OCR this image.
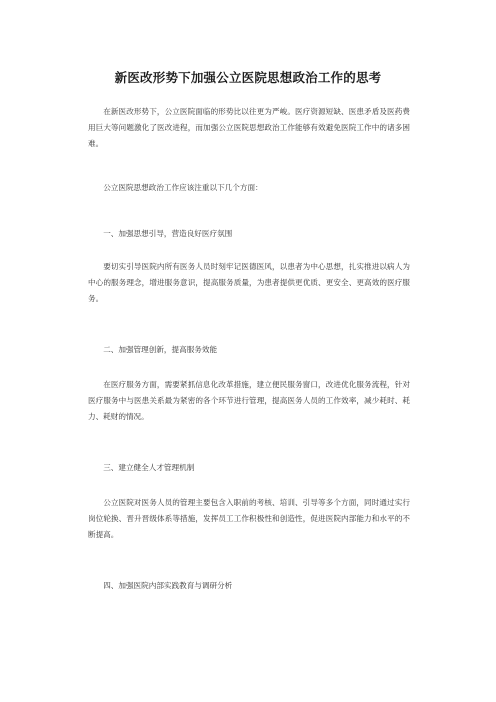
新医改形势下加强公立医院思想政治工作的思考

在新医改形势下，公立医院面临的形势比以往更为严峻。医疗资源短缺、医患矛盾及医药费用巨大等问题激化了医改进程，而加强公立医院思想政治工作能够有效避免医院工作中的诸多困难。

公立医院思想政治工作应该注重以下几个方面：

一、加强思想引导，营造良好医疗氛围

要切实引导医院内所有医务人员时刻牢记医德医风，以患者为中心思想，扎实推进以病人为中心的服务理念，增进服务意识，提高服务质量，为患者提供更优质、更安全、更高效的医疗服务。

二、加强管理创新，提高服务效能

在医疗服务方面，需要紧抓信息化改革措施，建立便民服务窗口，改进优化服务流程，针对医疗服务中与医患关系最为紧密的各个环节进行管理，提高医务人员的工作效率，减少耗时、耗力、耗财的情况。

三、建立健全人才管理机制

公立医院对医务人员的管理主要包含入职前的考核、培训、引导等多个方面，同时通过实行岗位轮换、晋升晋级体系等措施，发挥员工工作积极性和创造性，促进医院内部能力和水平的不断提高。

四、加强医院内部实践教育与调研分析
